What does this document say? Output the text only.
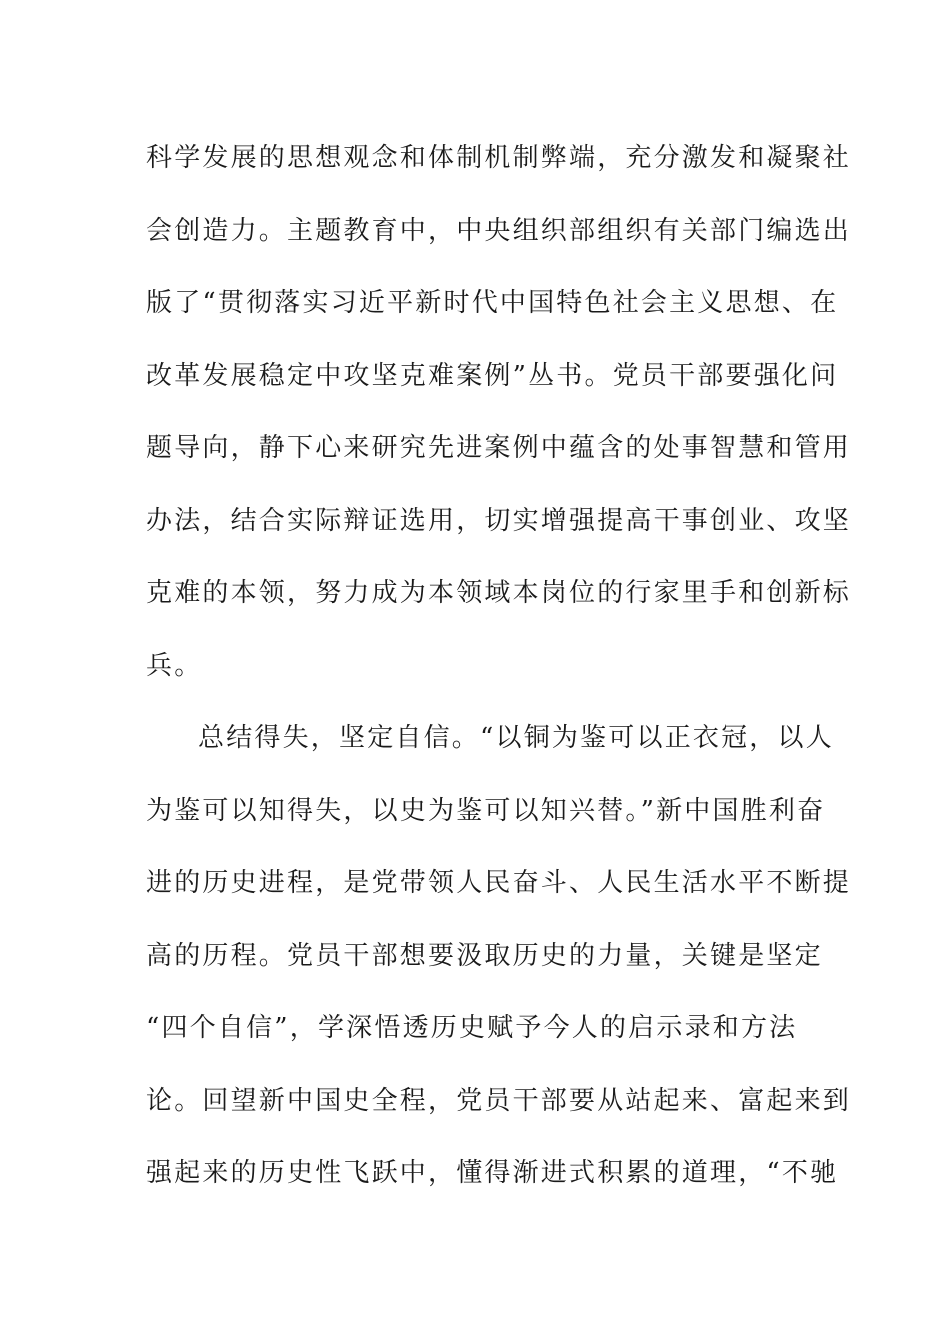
科学发展的思想观念和体制机制弊端，充分激发和凝聚社
会创造力。主题教育中，中央组织部组织有关部门编选出
版了“贯彻落实习近平新时代中国特色社会主义思想、在
改革发展稳定中攻坚克难案例”丛书。党员干部要强化问
题导向，静下心来研究先进案例中蕴含的处事智慧和管用
办法，结合实际辩证选用，切实增强提高干事创业、攻坚
克难的本领，努力成为本领域本岗位的行家里手和创新标
兵。
总结得失，坚定自信。“以铜为鉴可以正衣冠，以人
为鉴可以知得失，以史为鉴可以知兴替。”新中国胜利奋
进的历史进程，是党带领人民奋斗、人民生活水平不断提
高的历程。党员干部想要汲取历史的力量，关键是坚定
“四个自信”，学深悟透历史赋予今人的启示录和方法
论。回望新中国史全程，党员干部要从站起来、富起来到
强起来的历史性飞跃中，懂得渐进式积累的道理，“不驰
